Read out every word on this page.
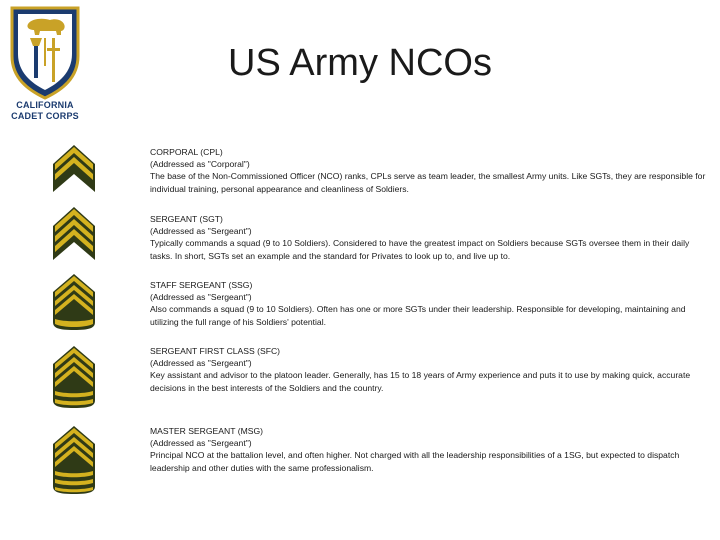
CALIFORNIA
CADET CORPS
US Army NCOs
CORPORAL (CPL)
(Addressed as "Corporal")
The base of the Non-Commissioned Officer (NCO) ranks, CPLs serve as team leader, the smallest Army units. Like SGTs, they are responsible for individual training, personal appearance and cleanliness of Soldiers.
SERGEANT (SGT)
(Addressed as "Sergeant")
Typically commands a squad (9 to 10 Soldiers). Considered to have the greatest impact on Soldiers because SGTs oversee them in their daily tasks. In short, SGTs set an example and the standard for Privates to look up to, and live up to.
STAFF SERGEANT (SSG)
(Addressed as "Sergeant")
Also commands a squad (9 to 10 Soldiers). Often has one or more SGTs under their leadership. Responsible for developing, maintaining and utilizing the full range of his Soldiers' potential.
SERGEANT FIRST CLASS (SFC)
(Addressed as "Sergeant")
Key assistant and advisor to the platoon leader. Generally, has 15 to 18 years of Army experience and puts it to use by making quick, accurate decisions in the best interests of the Soldiers and the country.
MASTER SERGEANT (MSG)
(Addressed as "Sergeant")
Principal NCO at the battalion level, and often higher. Not charged with all the leadership responsibilities of a 1SG, but expected to dispatch leadership and other duties with the same professionalism.
